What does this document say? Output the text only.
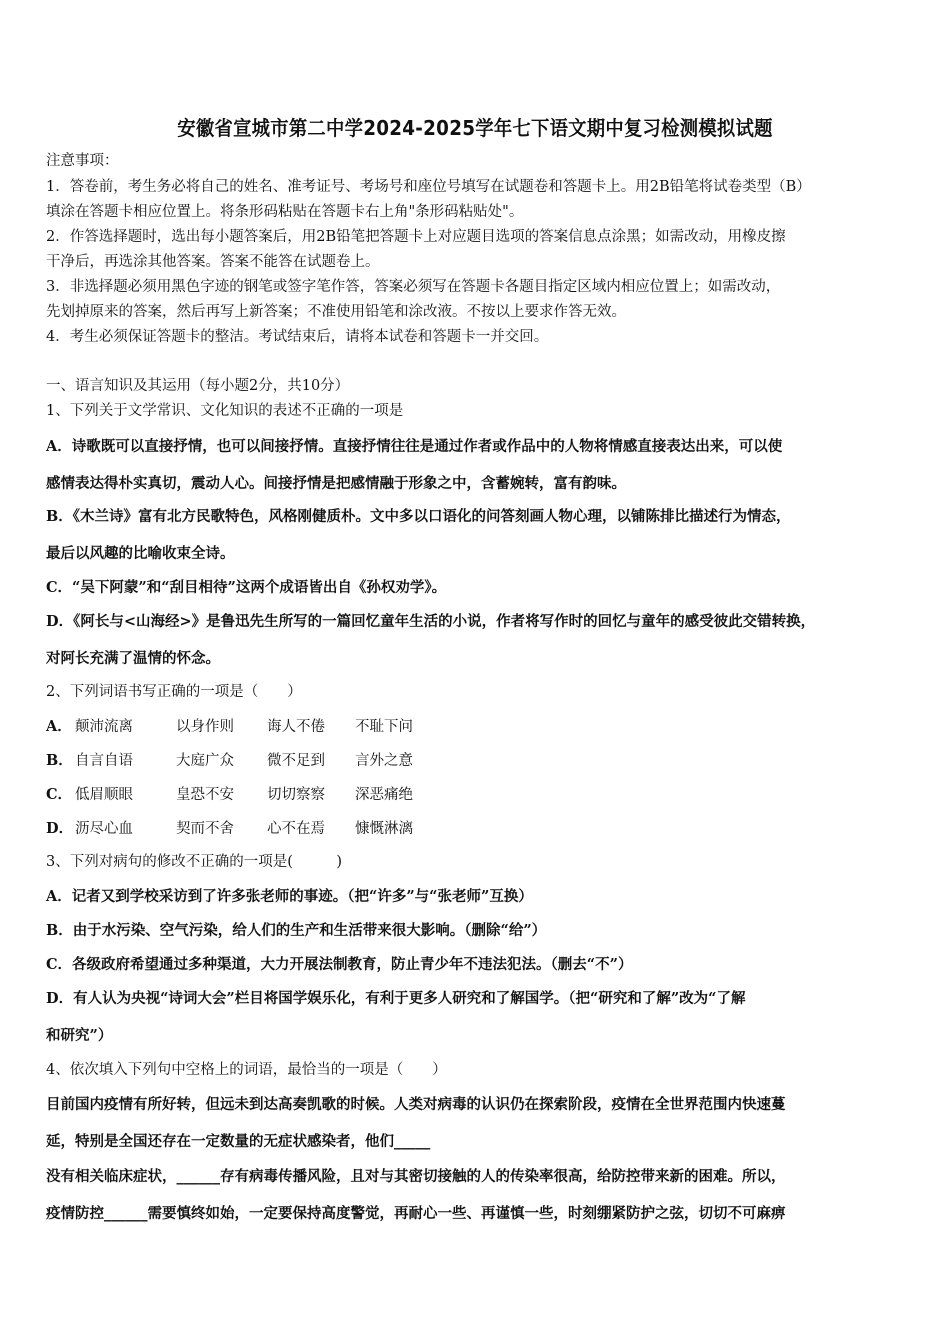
安徽省宣城市第二中学2024-2025学年七下语文期中复习检测模拟试题
注意事项：
1．答卷前，考生务必将自己的姓名、准考证号、考场号和座位号填写在试题卷和答题卡上。用2B铅笔将试卷类型（B）
填涂在答题卡相应位置上。将条形码粘贴在答题卡右上角"条形码粘贴处"。
2．作答选择题时，选出每小题答案后，用2B铅笔把答题卡上对应题目选项的答案信息点涂黑；如需改动，用橡皮擦
干净后，再选涂其他答案。答案不能答在试题卷上。
3．非选择题必须用黑色字迹的钢笔或签字笔作答，答案必须写在答题卡各题目指定区域内相应位置上；如需改动，
先划掉原来的答案，然后再写上新答案；不准使用铅笔和涂改液。不按以上要求作答无效。
4．考生必须保证答题卡的整洁。考试结束后，请将本试卷和答题卡一并交回。
一、语言知识及其运用（每小题2分，共10分）
1、下列关于文学常识、文化知识的表述不正确的一项是
A．诗歌既可以直接抒情，也可以间接抒情。直接抒情往往是通过作者或作品中的人物将情感直接表达出来，可以使
感情表达得朴实真切，震动人心。间接抒情是把感情融于形象之中，含蓄婉转，富有韵味。
B．《木兰诗》富有北方民歌特色，风格刚健质朴。文中多以口语化的问答刻画人物心理，以铺陈排比描述行为情态，
最后以风趣的比喻收束全诗。
C．“吴下阿蒙”和“刮目相待”这两个成语皆出自《孙权劝学》。
D．《阿长与<山海经>》是鲁迅先生所写的一篇回忆童年生活的小说，作者将写作时的回忆与童年的感受彼此交错转换，
对阿长充满了温情的怀念。
2、下列词语书写正确的一项是（　　）
A． 颠沛流离	以身作则 诲人不倦 不耻下问
B． 自言自语	大庭广众 微不足到 言外之意
C． 低眉顺眼	皇恐不安 切切察察 深恶痛绝
D． 沥尽心血	契而不舍 心不在焉 慷慨淋漓
3、下列对病句的修改不正确的一项是(　　　)
A．记者又到学校采访到了许多张老师的事迹。（把“许多”与“张老师”互换）
B．由于水污染、空气污染，给人们的生产和生活带来很大影响。（删除“给”）
C．各级政府希望通过多种渠道，大力开展法制教育，防止青少年不违法犯法。（删去“不”）
D．有人认为央视“诗词大会”栏目将国学娱乐化，有利于更多人研究和了解国学。（把“研究和了解”改为“了解
和研究”）
4、依次填入下列句中空格上的词语，最恰当的一项是（　　）
目前国内疫情有所好转，但远未到达高奏凯歌的时候。人类对病毒的认识仍在探索阶段，疫情在全世界范围内快速蔓
延，特别是全国还存在一定数量的无症状感染者，他们_____
没有相关临床症状，______存有病毒传播风险，且对与其密切接触的人的传染率很高，给防控带来新的困难。所以，
疫情防控______需要慎终如始，一定要保持高度警觉，再耐心一些、再谨慎一些，时刻绷紧防护之弦，切切不可麻痹
